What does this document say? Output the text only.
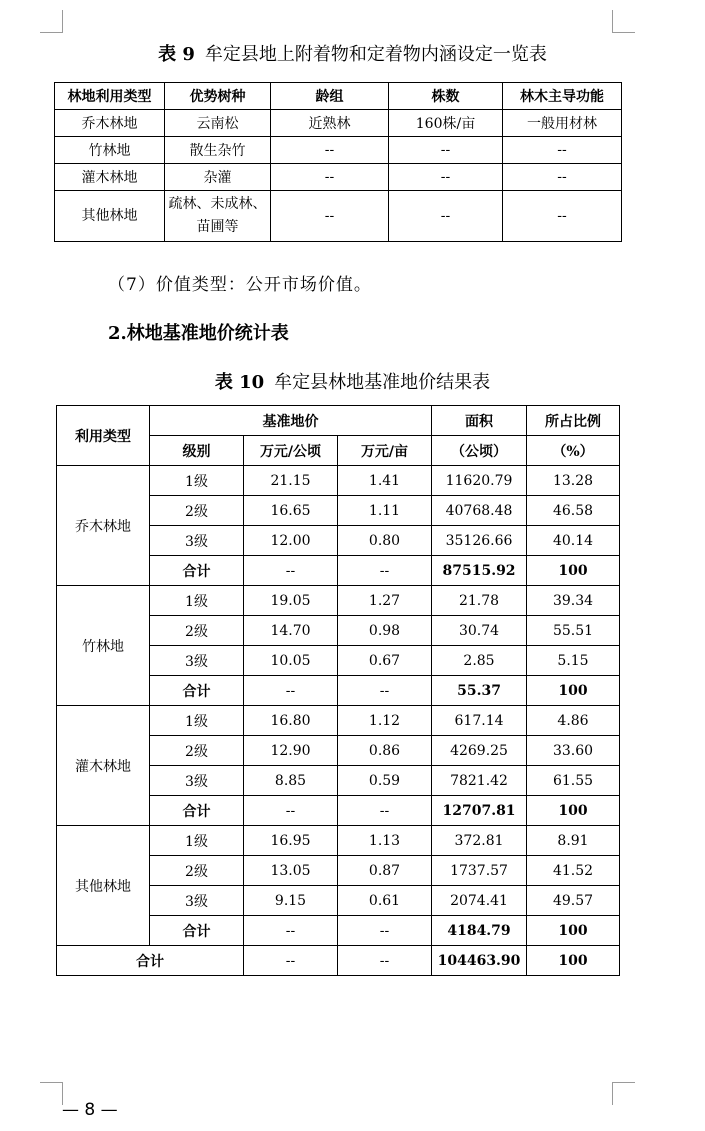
表 9 牟定县地上附着物和定着物内涵设定一览表
林地利用类型	优势树种	龄组	株数	林木主导功能
乔木林地	云南松	近熟林	160株/亩	一般用材林
竹林地	散生杂竹	--	--	--
灌木林地	杂灌	--	--	--
其他林地	疏林、未成林、苗圃等	--	--	--
（7）价值类型：公开市场价值。
2.林地基准地价统计表
表 10 牟定县林地基准地价结果表
利用类型	基准地价			面积	所占比例
	级别	万元/公顷	万元/亩	（公顷）	（%）
乔木林地	1级	21.15	1.41	11620.79	13.28
	2级	16.65	1.11	40768.48	46.58
	3级	12.00	0.80	35126.66	40.14
	合计	--	--	87515.92	100
竹林地	1级	19.05	1.27	21.78	39.34
	2级	14.70	0.98	30.74	55.51
	3级	10.05	0.67	2.85	5.15
	合计	--	--	55.37	100
灌木林地	1级	16.80	1.12	617.14	4.86
	2级	12.90	0.86	4269.25	33.60
	3级	8.85	0.59	7821.42	61.55
	合计	--	--	12707.81	100
其他林地	1级	16.95	1.13	372.81	8.91
	2级	13.05	0.87	1737.57	41.52
	3级	9.15	0.61	2074.41	49.57
	合计	--	--	4184.79	100
合计		--	--	104463.90	100
— 8 —
